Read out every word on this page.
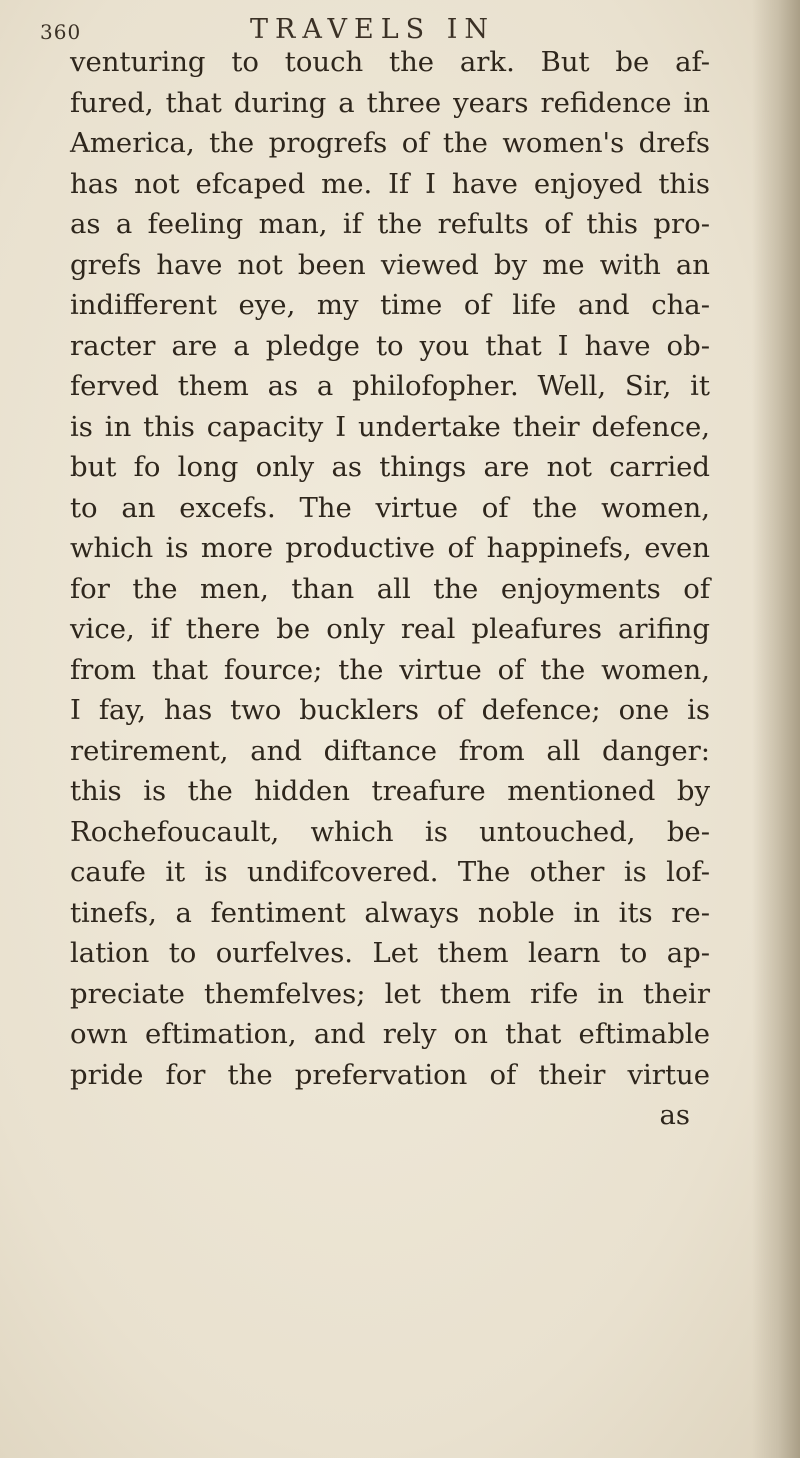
360	TRAVELS IN
venturing to touch the ark. But be af-
fured, that during a three years refidence in
America, the progrefs of the women's drefs
has not efcaped me. If I have enjoyed this
as a feeling man, if the refults of this pro-
grefs have not been viewed by me with an
indifferent eye, my time of life and cha-
racter are a pledge to you that I have ob-
ferved them as a philofopher. Well, Sir, it
is in this capacity I undertake their defence,
but fo long only as things are not carried
to an excefs. The virtue of the women,
which is more productive of happinefs, even
for the men, than all the enjoyments of
vice, if there be only real pleafures arifing
from that fource; the virtue of the women,
I fay, has two bucklers of defence; one is
retirement, and diftance from all danger:
this is the hidden treafure mentioned by
Rochefoucault, which is untouched, be-
caufe it is undifcovered. The other is lof-
tinefs, a fentiment always noble in its re-
lation to ourfelves. Let them learn to ap-
preciate themfelves; let them rife in their
own eftimation, and rely on that eftimable
pride for the prefervation of their virtue
as
